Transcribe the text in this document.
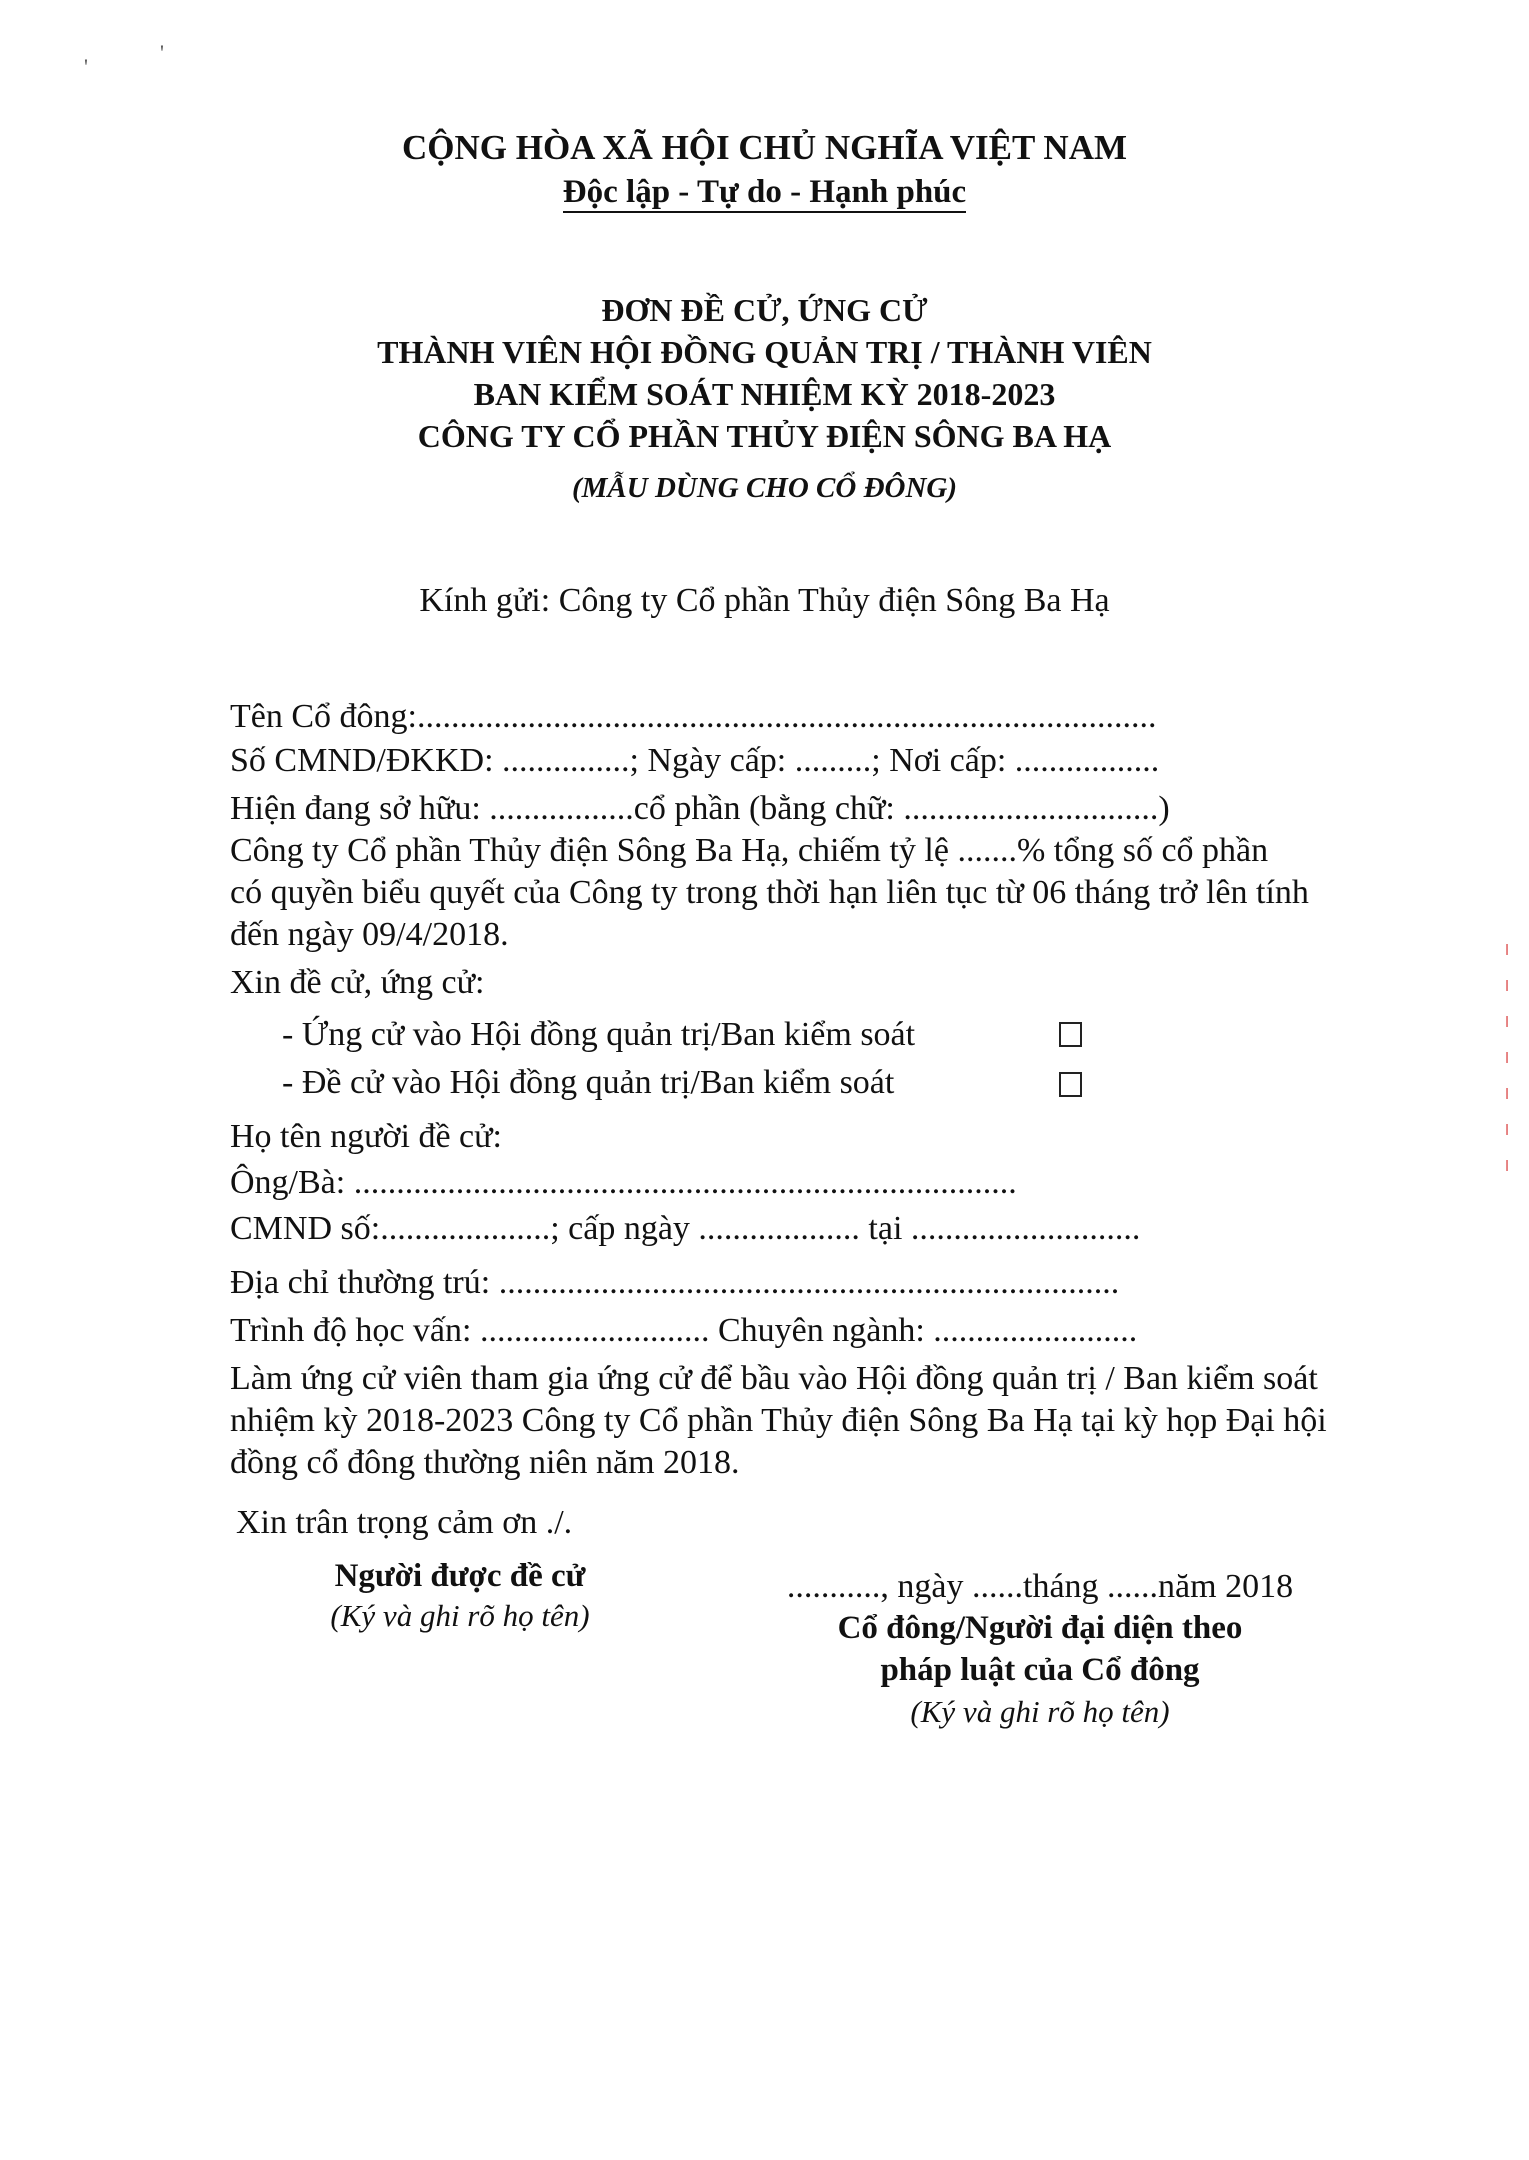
'
'
CỘNG HÒA XÃ HỘI CHỦ NGHĨA VIỆT NAM
Độc lập - Tự do - Hạnh phúc
ĐƠN ĐỀ CỬ, ỨNG CỬ
THÀNH VIÊN HỘI ĐỒNG QUẢN TRỊ / THÀNH VIÊN
BAN KIỂM SOÁT NHIỆM KỲ 2018-2023
CÔNG TY CỔ PHẦN THỦY ĐIỆN SÔNG BA HẠ
(MẪU DÙNG CHO CỔ ĐÔNG)
Kính gửi: Công ty Cổ phần Thủy điện Sông Ba Hạ
Tên Cổ đông:.......................................................................................
Số CMND/ĐKKD: ...............; Ngày cấp: .........; Nơi cấp: .................
Hiện đang sở hữu: .................cổ phần (bằng chữ: ..............................)
Công ty Cổ phần Thủy điện Sông Ba Hạ, chiếm tỷ lệ .......% tổng số cổ phần
có quyền biểu quyết của Công ty trong thời hạn liên tục từ 06 tháng trở lên tính
đến ngày 09/4/2018.
Xin đề cử, ứng cử:
- Ứng cử vào Hội đồng quản trị/Ban kiểm soát
- Đề cử vào Hội đồng quản trị/Ban kiểm soát
Họ tên người đề cử:
Ông/Bà: ..............................................................................
CMND số:....................; cấp ngày ................... tại ...........................
Địa chỉ thường trú: .........................................................................
Trình độ học vấn: ........................... Chuyên ngành: ........................
Làm ứng cử viên tham gia ứng cử để bầu vào Hội đồng quản trị / Ban kiểm soát
nhiệm kỳ 2018-2023 Công ty Cổ phần Thủy điện Sông Ba Hạ tại kỳ họp Đại hội
đồng cổ đông thường niên năm 2018.
Xin trân trọng cảm ơn ./.
Người được đề cử
(Ký và ghi rõ họ tên)
..........., ngày ......tháng ......năm 2018
Cổ đông/Người đại diện theo
pháp luật của Cổ đông
(Ký và ghi rõ họ tên)
ı
ı
ı
ı
ı
ı
ı
